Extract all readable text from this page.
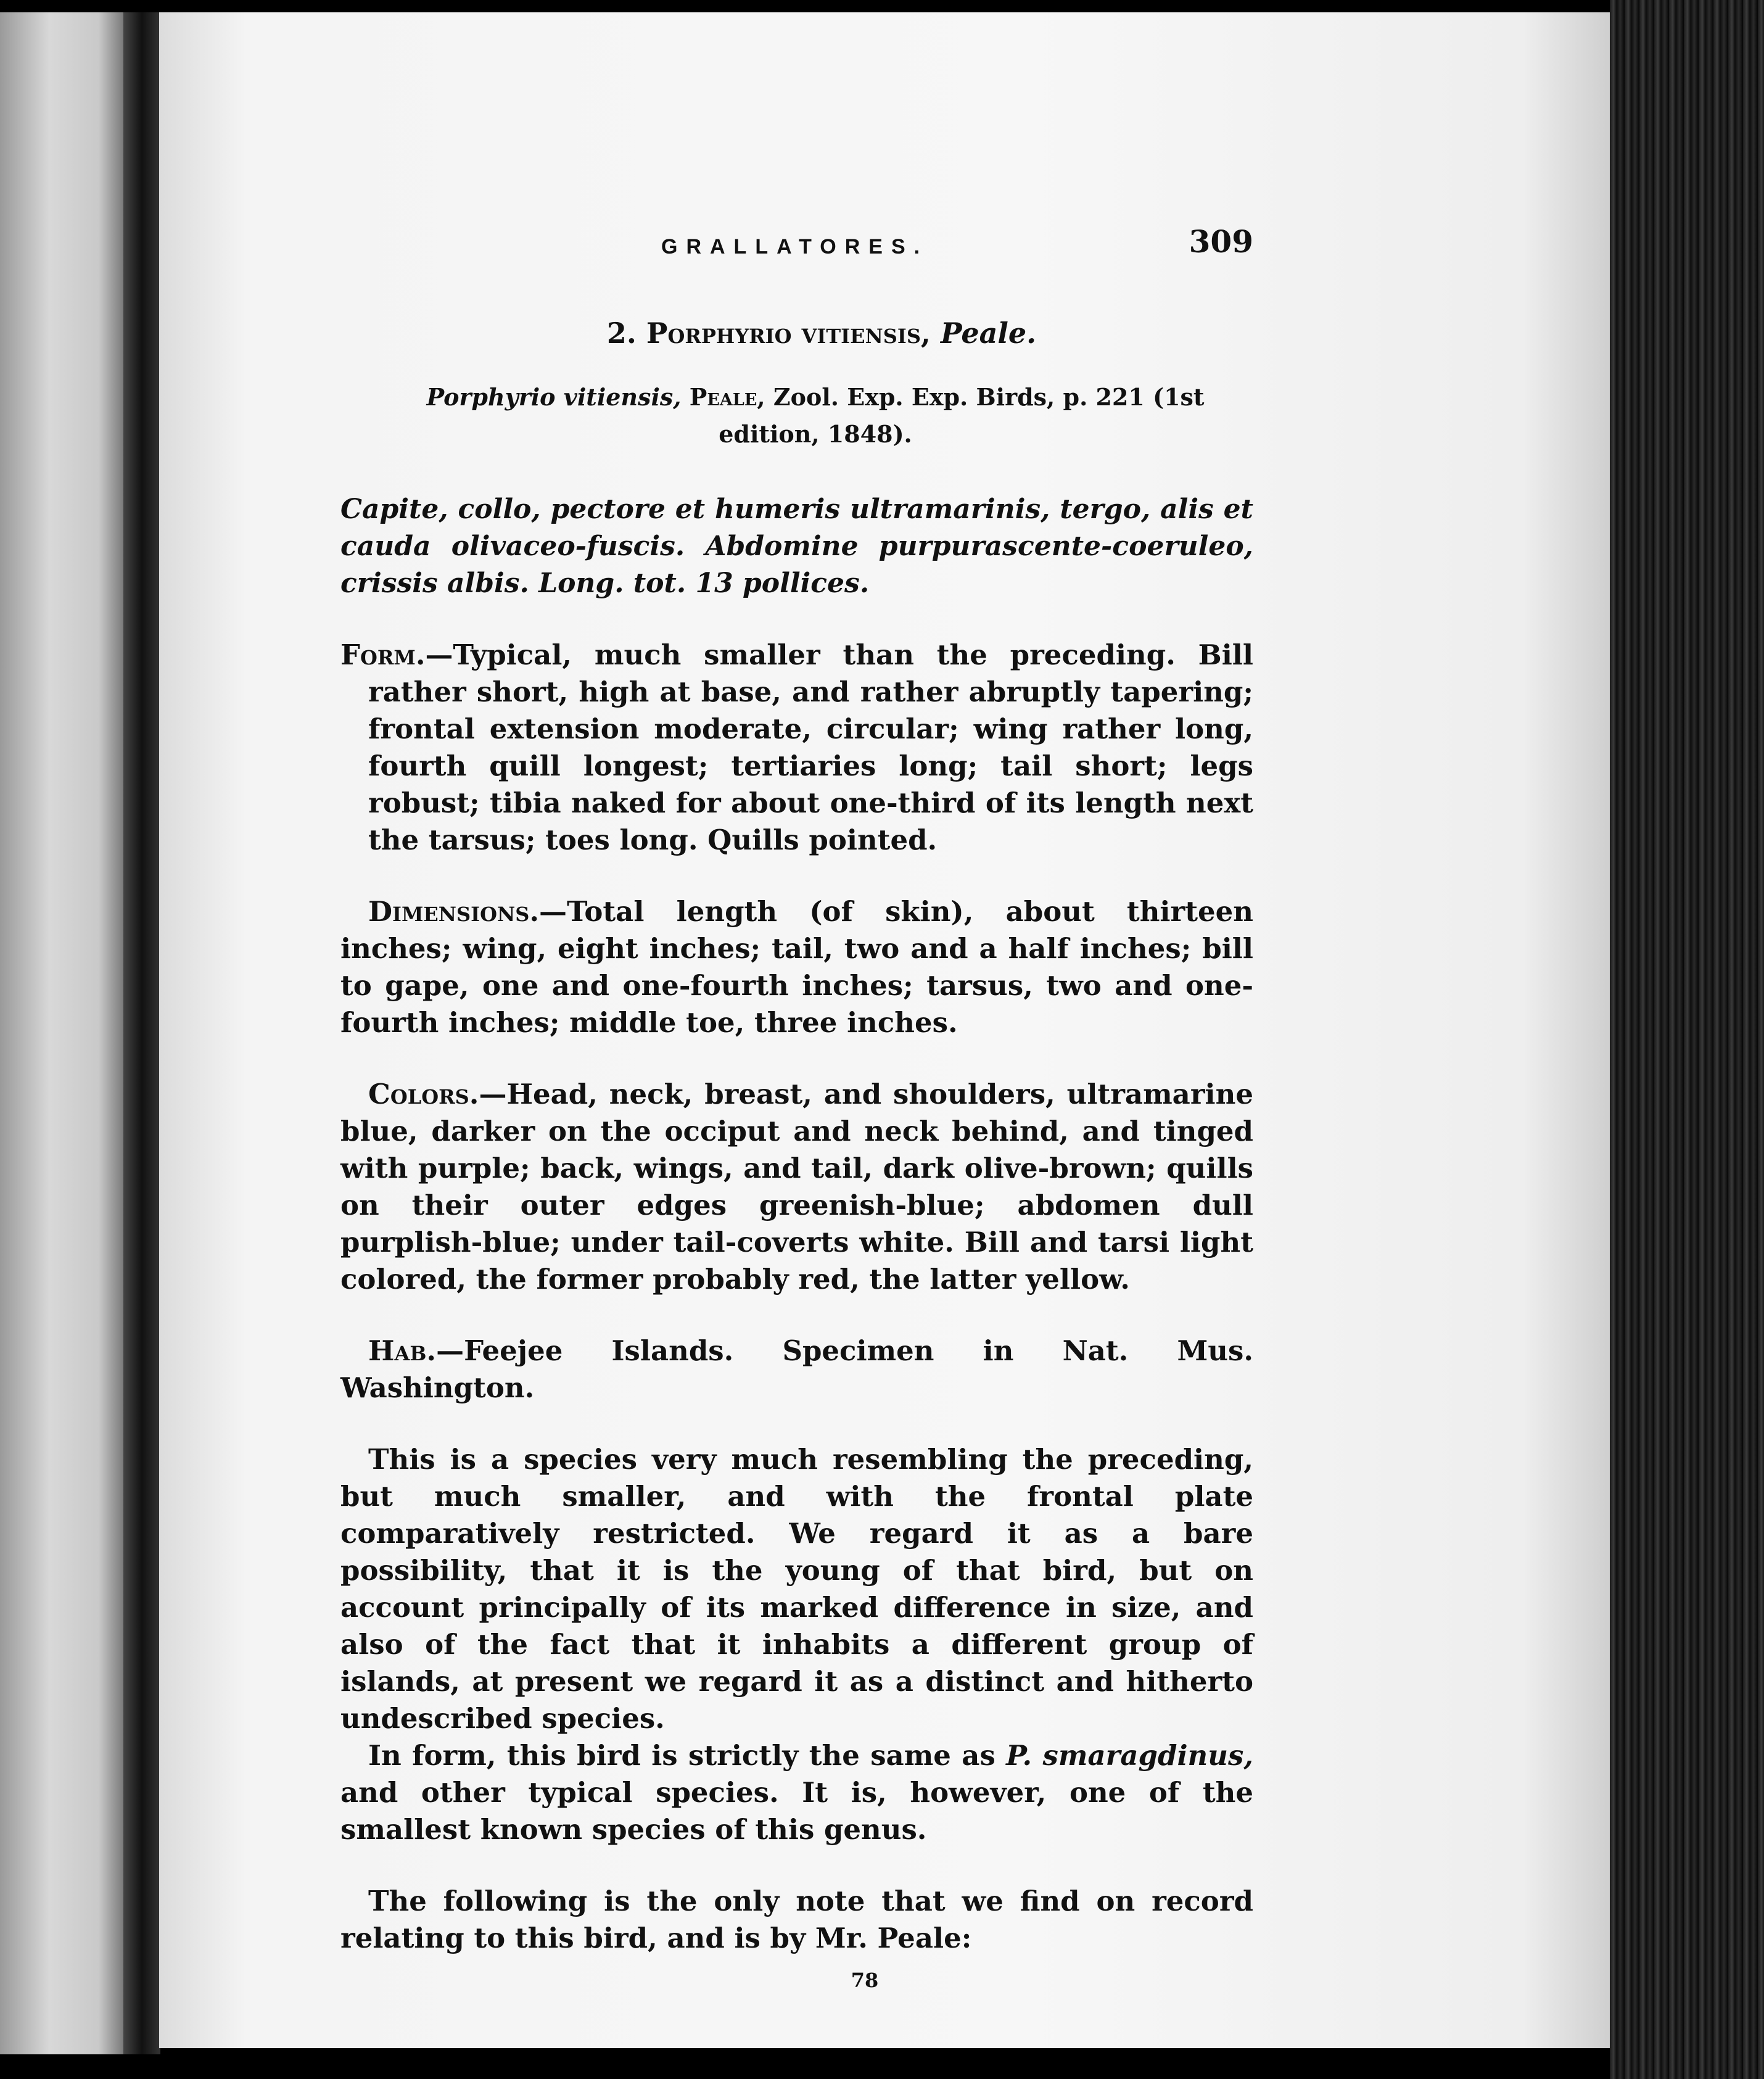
GRALLATORES.	309
2. Porphyrio vitiensis, Peale.
Porphyrio vitiensis, Peale, Zool. Exp. Exp. Birds, p. 221 (1st edition, 1848).

Capite, collo, pectore et humeris ultramarinis, tergo, alis et cauda olivaceo-fuscis. Abdomine purpurascente-coeruleo, crissis albis. Long. tot. 13 pollices.

Form.—Typical, much smaller than the preceding. Bill rather short, high at base, and rather abruptly tapering; frontal extension moderate, circular; wing rather long, fourth quill longest; tertiaries long; tail short; legs robust; tibia naked for about one-third of its length next the tarsus; toes long. Quills pointed.

Dimensions.—Total length (of skin), about thirteen inches; wing, eight inches; tail, two and a half inches; bill to gape, one and one-fourth inches; tarsus, two and one-fourth inches; middle toe, three inches.

Colors.—Head, neck, breast, and shoulders, ultramarine blue, darker on the occiput and neck behind, and tinged with purple; back, wings, and tail, dark olive-brown; quills on their outer edges greenish-blue; abdomen dull purplish-blue; under tail-coverts white. Bill and tarsi light colored, the former probably red, the latter yellow.

Hab.—Feejee Islands. Specimen in Nat. Mus. Washington.

This is a species very much resembling the preceding, but much smaller, and with the frontal plate comparatively restricted. We regard it as a bare possibility, that it is the young of that bird, but on account principally of its marked difference in size, and also of the fact that it inhabits a different group of islands, at present we regard it as a distinct and hitherto undescribed species.

In form, this bird is strictly the same as P. smaragdinus, and other typical species. It is, however, one of the smallest known species of this genus.

The following is the only note that we find on record relating to this bird, and is by Mr. Peale:

78
